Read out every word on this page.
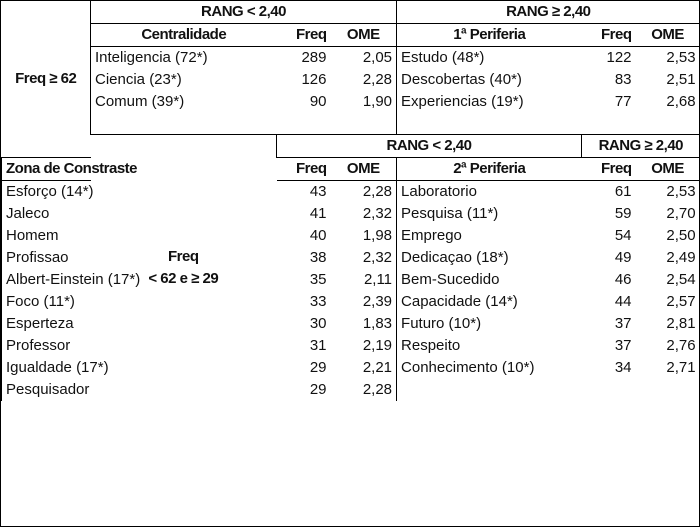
Freq ≥ 62	RANG < 2,40			RANG ≥ 2,40		
	Centralidade	Freq	OME	1ª Periferia	Freq	OME
	Inteligencia (72*)	289	2,05	Estudo (48*)	122	2,53
	Ciencia (23*)	126	2,28	Descobertas (40*)	83	2,51
	Comum (39*)	90	1,90	Experiencias (19*)	77	2,68

	Freq
< 62 e ≥ 29	RANG < 2,40			RANG ≥ 2,40	
Zona de Constraste		Freq	OME	2ª Periferia	Freq	OME
Esforço (14*)		43	2,28	Laboratorio	61	2,53
Jaleco		41	2,32	Pesquisa (11*)	59	2,70
Homem		40	1,98	Emprego	54	2,50
Profissao		38	2,32	Dedicaçao (18*)	49	2,49
Albert-Einstein (17*)		35	2,11	Bem-Sucedido	46	2,54
Foco (11*)		33	2,39	Capacidade (14*)	44	2,57
Esperteza		30	1,83	Futuro (10*)	37	2,81
Professor		31	2,19	Respeito	37	2,76
Igualdade (17*)		29	2,21	Conhecimento (10*)	34	2,71
Pesquisador		29	2,28			
